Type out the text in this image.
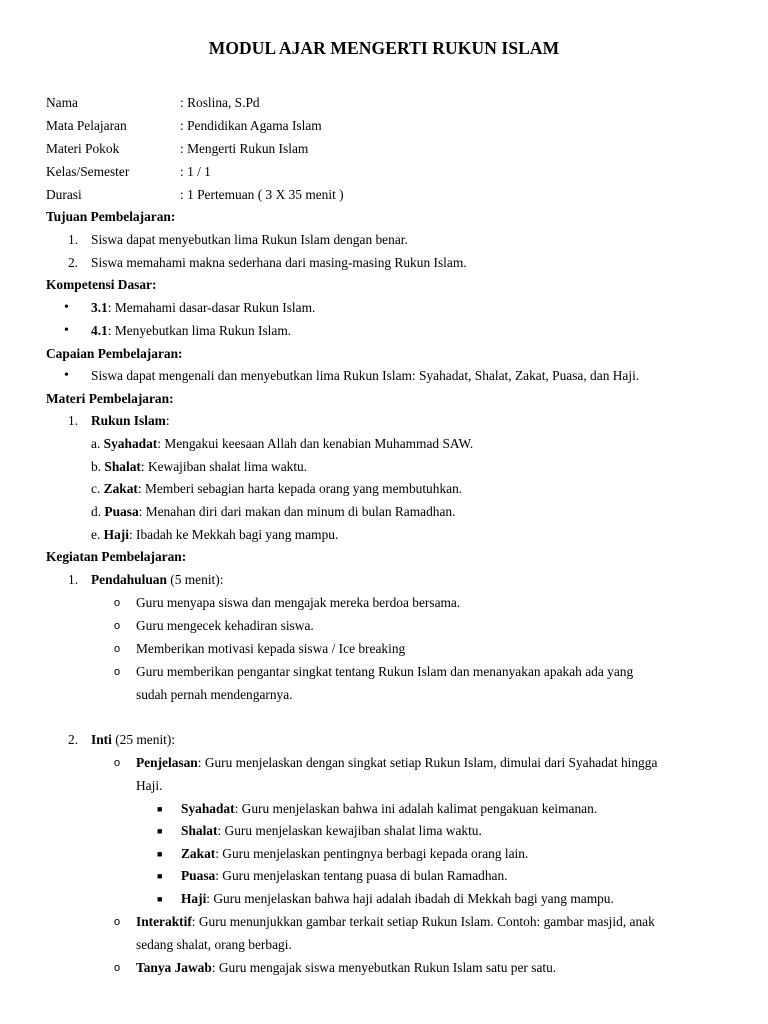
MODUL AJAR MENGERTI RUKUN ISLAM
Nama	: Roslina, S.Pd
Mata Pelajaran	: Pendidikan Agama Islam
Materi Pokok	: Mengerti Rukun Islam
Kelas/Semester	: 1 / 1
Durasi	: 1 Pertemuan ( 3 X 35 menit )
Tujuan Pembelajaran:
1. Siswa dapat menyebutkan lima Rukun Islam dengan benar.
2. Siswa memahami makna sederhana dari masing-masing Rukun Islam.
Kompetensi Dasar:
• 3.1: Memahami dasar-dasar Rukun Islam.
• 4.1: Menyebutkan lima Rukun Islam.
Capaian Pembelajaran:
• Siswa dapat mengenali dan menyebutkan lima Rukun Islam: Syahadat, Shalat, Zakat, Puasa, dan Haji.
Materi Pembelajaran:
1. Rukun Islam:
a. Syahadat: Mengakui keesaan Allah dan kenabian Muhammad SAW.
b. Shalat: Kewajiban shalat lima waktu.
c. Zakat: Memberi sebagian harta kepada orang yang membutuhkan.
d. Puasa: Menahan diri dari makan dan minum di bulan Ramadhan.
e. Haji: Ibadah ke Mekkah bagi yang mampu.
Kegiatan Pembelajaran:
1. Pendahuluan (5 menit):
o Guru menyapa siswa dan mengajak mereka berdoa bersama.
o Guru mengecek kehadiran siswa.
o Memberikan motivasi kepada siswa / Ice breaking
o Guru memberikan pengantar singkat tentang Rukun Islam dan menanyakan apakah ada yang
sudah pernah mendengarnya.
2. Inti (25 menit):
o Penjelasan: Guru menjelaskan dengan singkat setiap Rukun Islam, dimulai dari Syahadat hingga
Haji.
■ Syahadat: Guru menjelaskan bahwa ini adalah kalimat pengakuan keimanan.
■ Shalat: Guru menjelaskan kewajiban shalat lima waktu.
■ Zakat: Guru menjelaskan pentingnya berbagi kepada orang lain.
■ Puasa: Guru menjelaskan tentang puasa di bulan Ramadhan.
■ Haji: Guru menjelaskan bahwa haji adalah ibadah di Mekkah bagi yang mampu.
o Interaktif: Guru menunjukkan gambar terkait setiap Rukun Islam. Contoh: gambar masjid, anak
sedang shalat, orang berbagi.
o Tanya Jawab: Guru mengajak siswa menyebutkan Rukun Islam satu per satu.
